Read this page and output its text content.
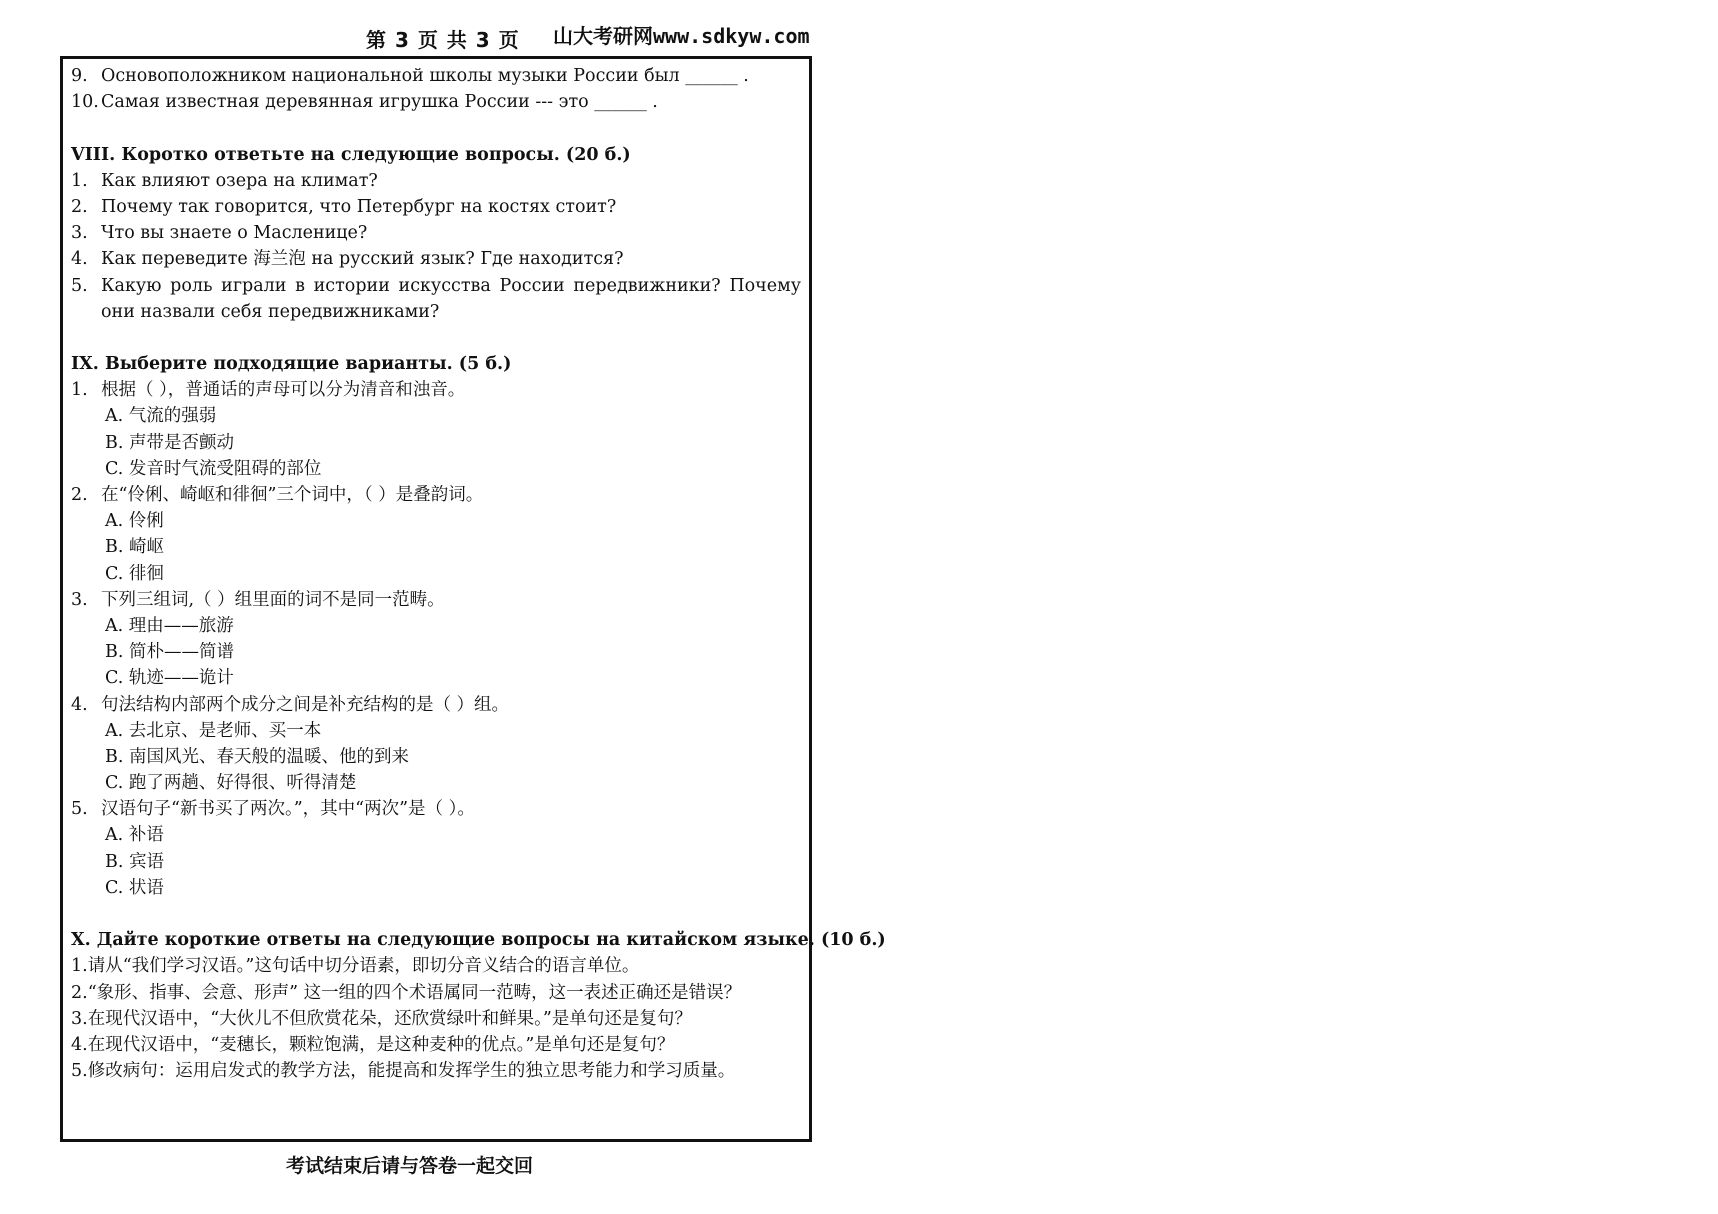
第 3 页 共 3 页 山大考研网www.sdkyw.com
9. Основоположником национальной школы музыки России был ______ .
10. Самая известная деревянная игрушка России --- это ______ .
VIII. Коротко ответьте на следующие вопросы. (20 б.)
1. Как влияют озера на климат?
2. Почему так говорится, что Петербург на костях стоит?
3. Что вы знаете о Масленице?
4. Как переведите 海兰泡 на русский язык? Где находится?
5. Какую роль играли в истории искусства России передвижники? Почему они назвали себя передвижниками?
IX. Выберите подходящие варианты. (5 б.)
1. 根据（ ），普通话的声母可以分为清音和浊音。
A. 气流的强弱
B. 声带是否颤动
C. 发音时气流受阻碍的部位
2. 在“伶俐、崎岖和徘徊”三个词中，（ ）是叠韵词。
A. 伶俐
B. 崎岖
C. 徘徊
3. 下列三组词,（ ）组里面的词不是同一范畴。
A. 理由——旅游
B. 简朴——简谱
C. 轨迹——诡计
4. 句法结构内部两个成分之间是补充结构的是（ ）组。
A. 去北京、是老师、买一本
B. 南国风光、春天般的温暖、他的到来
C. 跑了两趟、好得很、听得清楚
5. 汉语句子“新书买了两次。”，其中“两次”是（ ）。
A. 补语
B. 宾语
C. 状语
X. Дайте короткие ответы на следующие вопросы на китайском языке. (10 б.)
1.请从“我们学习汉语。”这句话中切分语素，即切分音义结合的语言单位。
2.“象形、指事、会意、形声” 这一组的四个术语属同一范畴，这一表述正确还是错误？
3.在现代汉语中，“大伙儿不但欣赏花朵，还欣赏绿叶和鲜果。”是单句还是复句？
4.在现代汉语中，“麦穗长，颗粒饱满，是这种麦种的优点。”是单句还是复句？
5.修改病句：运用启发式的教学方法，能提高和发挥学生的独立思考能力和学习质量。
考试结束后请与答卷一起交回
